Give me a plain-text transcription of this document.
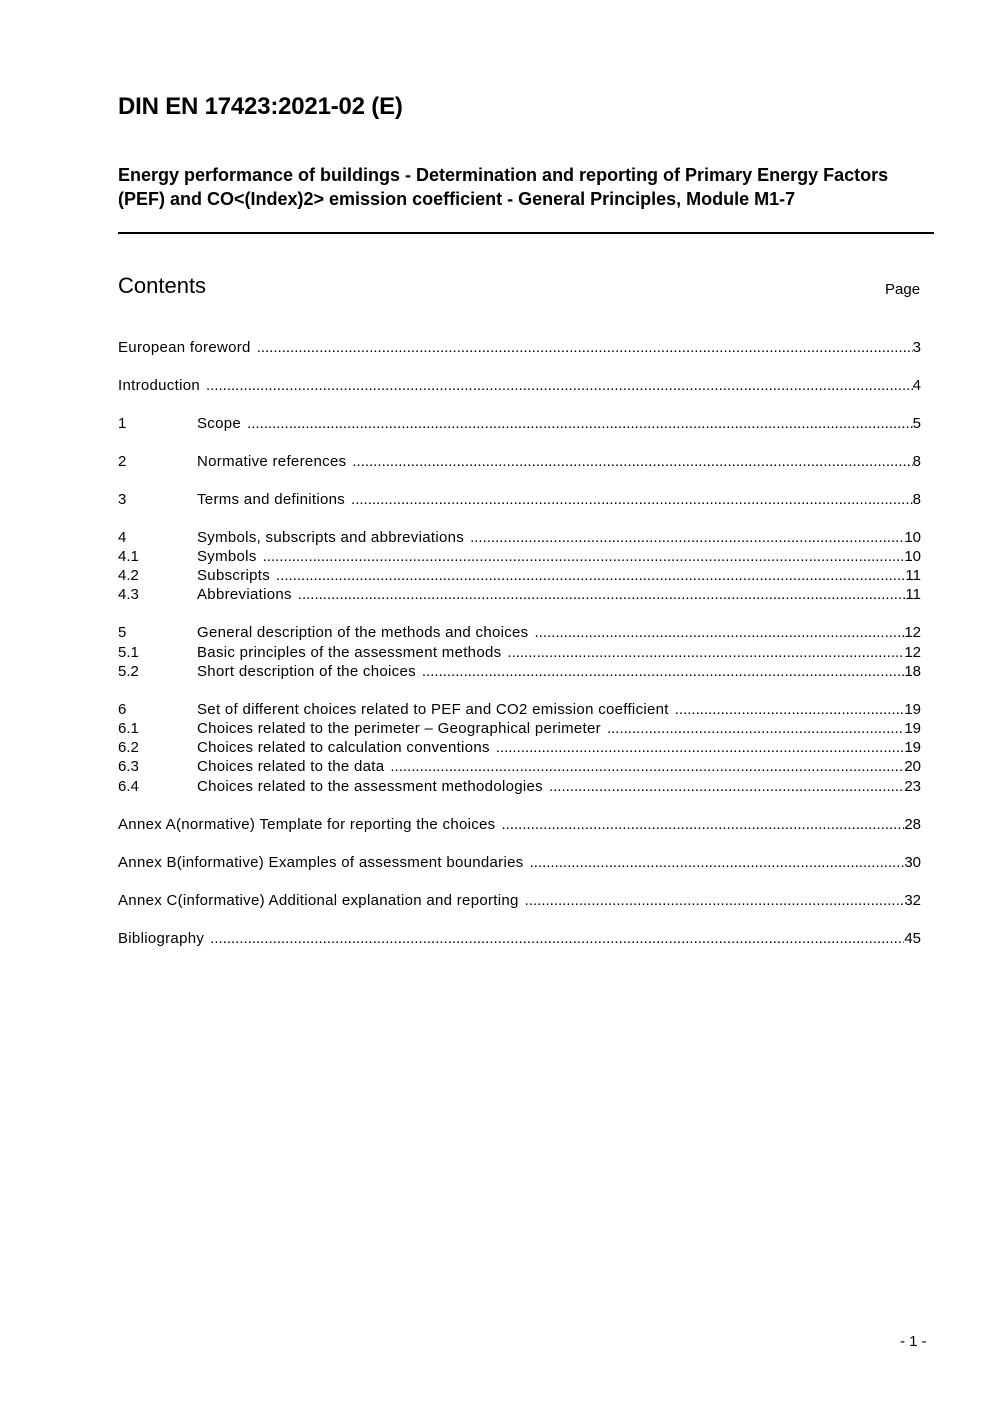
DIN EN 17423:2021-02 (E)
Energy performance of buildings - Determination and reporting of Primary Energy Factors (PEF) and CO<(Index)2> emission coefficient - General Principles, Module M1-7
Contents	Page
European foreword .....	3
Introduction .....	4
1	Scope .....	5
2	Normative references .....	8
3	Terms and definitions .....	8
4	Symbols, subscripts and abbreviations .....	10
4.1	Symbols .....	10
4.2	Subscripts .....	11
4.3	Abbreviations .....	11
5	General description of the methods and choices .....	12
5.1	Basic principles of the assessment methods .....	12
5.2	Short description of the choices .....	18
6	Set of different choices related to PEF and CO2 emission coefficient .....	19
6.1	Choices related to the perimeter – Geographical perimeter .....	19
6.2	Choices related to calculation conventions .....	19
6.3	Choices related to the data .....	20
6.4	Choices related to the assessment methodologies .....	23
Annex A(normative) Template for reporting the choices .....	28
Annex B(informative) Examples of assessment boundaries .....	30
Annex C(informative) Additional explanation and reporting .....	32
Bibliography .....	45
- 1 -
